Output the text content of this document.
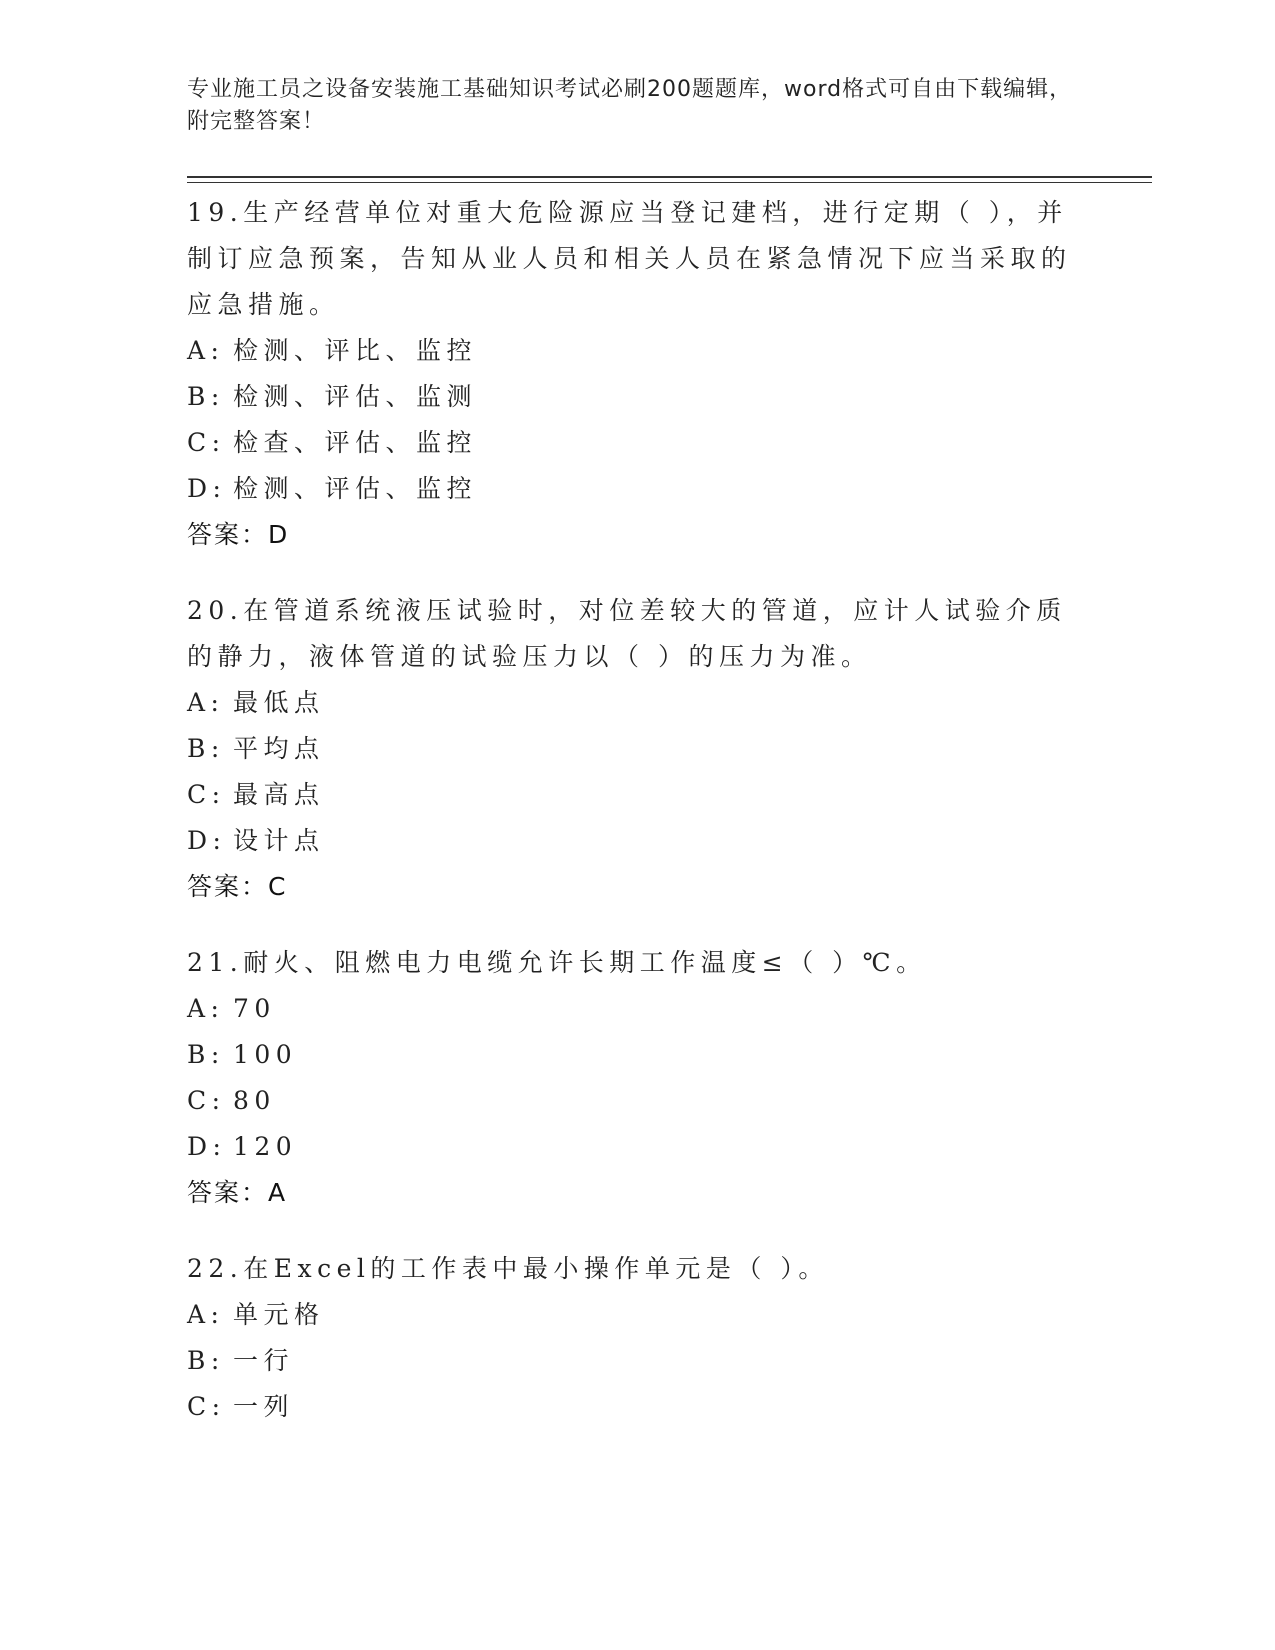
专业施工员之设备安装施工基础知识考试必刷200题题库，word格式可自由下载编辑，附完整答案！

19.生产经营单位对重大危险源应当登记建档，进行定期（ ），并制订应急预案，告知从业人员和相关人员在紧急情况下应当采取的应急措施。

A: 检测、评比、监控
B: 检测、评估、监测
C: 检查、评估、监控
D: 检测、评估、监控

答案：D

20.在管道系统液压试验时，对位差较大的管道，应计人试验介质的静力，液体管道的试验压力以（ ）的压力为准。

A: 最低点
B: 平均点
C: 最高点
D: 设计点

答案：C

21.耐火、阻燃电力电缆允许长期工作温度≤（ ）℃。

A: 70
B: 100
C: 80
D: 120

答案：A

22.在Excel的工作表中最小操作单元是（ ）。

A: 单元格
B: 一行
C: 一列
